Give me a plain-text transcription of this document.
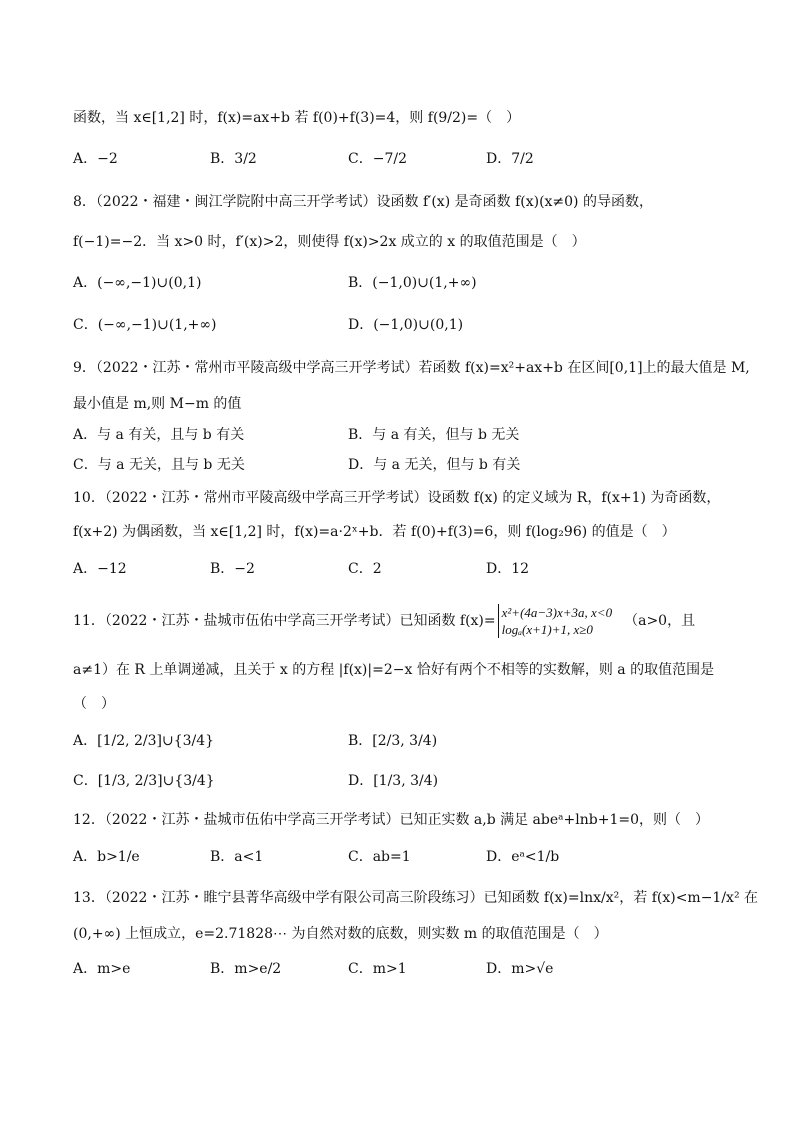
函数，当 x∈[1,2] 时，f(x)=ax+b 若 f(0)+f(3)=4，则 f(9/2)=（　）
A．−2	B．3/2	C．−7/2	D．7/2
8．（2022・福建・闽江学院附中高三开学考试）设函数 f′(x) 是奇函数 f(x)(x≠0) 的导函数，
f(−1)=−2．当 x>0 时，f′(x)>2，则使得 f(x)>2x 成立的 x 的取值范围是（　）
A．(−∞,−1)∪(0,1)	B．(−1,0)∪(1,+∞)
C．(−∞,−1)∪(1,+∞)	D．(−1,0)∪(0,1)
9．（2022・江苏・常州市平陵高级中学高三开学考试）若函数 f(x)=x²+ax+b 在区间[0,1]上的最大值是 M,
最小值是 m,则 M−m 的值
A．与 a 有关，且与 b 有关	B．与 a 有关，但与 b 无关
C．与 a 无关，且与 b 无关	D．与 a 无关，但与 b 有关
10．（2022・江苏・常州市平陵高级中学高三开学考试）设函数 f(x) 的定义域为 R，f(x+1) 为奇函数，
f(x+2) 为偶函数，当 x∈[1,2] 时，f(x)=a·2ˣ+b．若 f(0)+f(3)=6，则 f(log₂96) 的值是（　）
A．−12	B．−2	C．2	D．12
11．（2022・江苏・盐城市伍佑中学高三开学考试）已知函数 f(x)=
x²+(4a−3)x+3a, x<0
logₐ(x+1)+1, x≥0
（a>0，且
a≠1）在 R 上单调递减，且关于 x 的方程 |f(x)|=2−x 恰好有两个不相等的实数解，则 a 的取值范围是
（　）
A．[1/2, 2/3]∪{3/4}	B．[2/3, 3/4)
C．[1/3, 2/3]∪{3/4}	D．[1/3, 3/4)
12．（2022・江苏・盐城市伍佑中学高三开学考试）已知正实数 a,b 满足 abeᵃ+lnb+1=0，则（　）
A．b>1/e	B．a<1	C．ab=1	D．eᵃ<1/b
13．（2022・江苏・睢宁县菁华高级中学有限公司高三阶段练习）已知函数 f(x)=lnx/x²，若 f(x)<m−1/x² 在
(0,+∞) 上恒成立，e=2.71828⋯ 为自然对数的底数，则实数 m 的取值范围是（　）
A．m>e	B．m>e/2	C．m>1	D．m>√e
